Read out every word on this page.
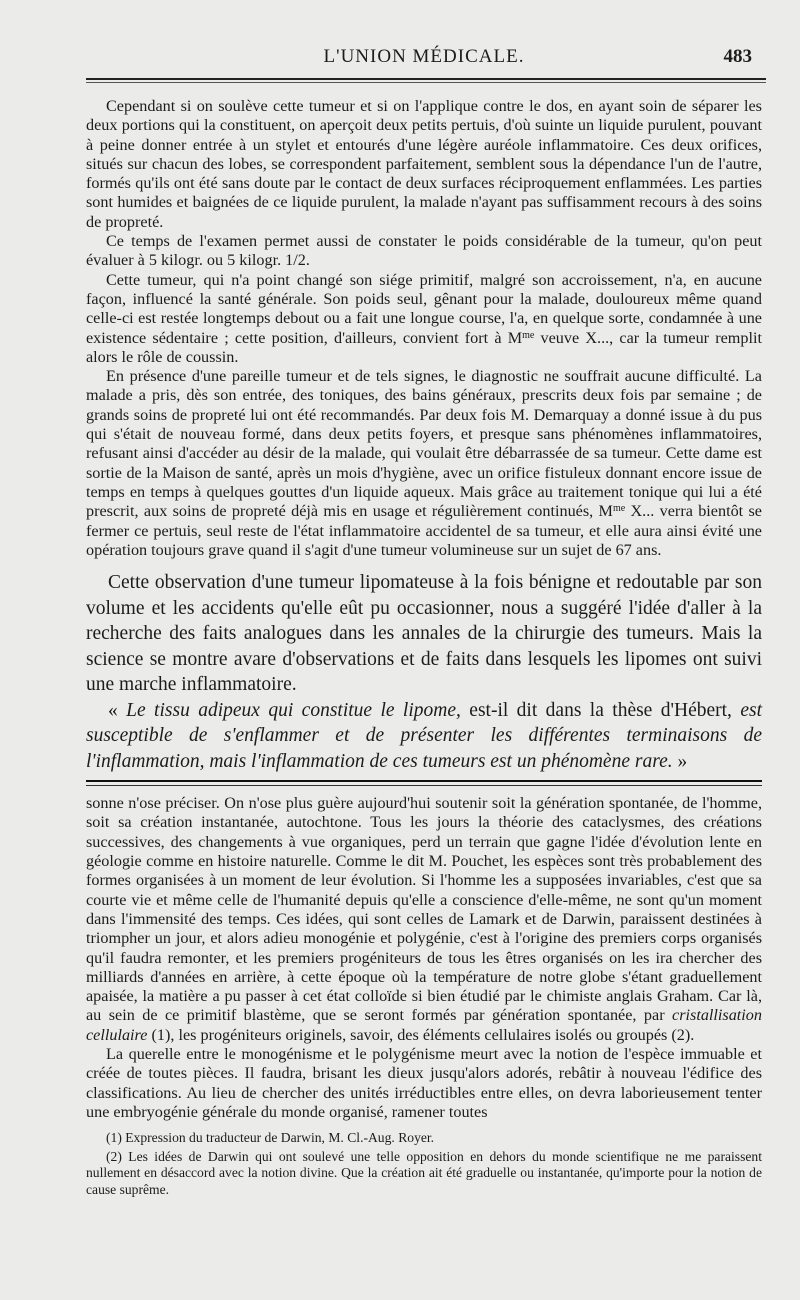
L'UNION MÉDICALE.	483

Cependant si on soulève cette tumeur et si on l'applique contre le dos, en ayant soin de séparer les deux portions qui la constituent, on aperçoit deux petits pertuis, d'où suinte un liquide purulent, pouvant à peine donner entrée à un stylet et entourés d'une légère auréole inflammatoire. Ces deux orifices, situés sur chacun des lobes, se correspondent parfaitement, semblent sous la dépendance l'un de l'autre, formés qu'ils ont été sans doute par le contact de deux surfaces réciproquement enflammées. Les parties sont humides et baignées de ce liquide purulent, la malade n'ayant pas suffisamment recours à des soins de propreté.

Ce temps de l'examen permet aussi de constater le poids considérable de la tumeur, qu'on peut évaluer à 5 kilogr. ou 5 kilogr. 1/2.

Cette tumeur, qui n'a point changé son siége primitif, malgré son accroissement, n'a, en aucune façon, influencé la santé générale. Son poids seul, gênant pour la malade, douloureux même quand celle-ci est restée longtemps debout ou a fait une longue course, l'a, en quelque sorte, condamnée à une existence sédentaire ; cette position, d'ailleurs, convient fort à $M^{me}$ veuve X..., car la tumeur remplit alors le rôle de coussin.

En présence d'une pareille tumeur et de tels signes, le diagnostic ne souffrait aucune difficulté. La malade a pris, dès son entrée, des toniques, des bains généraux, prescrits deux fois par semaine ; de grands soins de propreté lui ont été recommandés. Par deux fois M. Demarquay a donné issue à du pus qui s'était de nouveau formé, dans deux petits foyers, et presque sans phénomènes inflammatoires, refusant ainsi d'accéder au désir de la malade, qui voulait être débarrassée de sa tumeur. Cette dame est sortie de la Maison de santé, après un mois d'hygiène, avec un orifice fistuleux donnant encore issue de temps en temps à quelques gouttes d'un liquide aqueux. Mais grâce au traitement tonique qui lui a été prescrit, aux soins de propreté déjà mis en usage et régulièrement continués, $M^{me}$ X... verra bientôt se fermer ce pertuis, seul reste de l'état inflammatoire accidentel de sa tumeur, et elle aura ainsi évité une opération toujours grave quand il s'agit d'une tumeur volumineuse sur un sujet de 67 ans.

Cette observation d'une tumeur lipomateuse à la fois bénigne et redoutable par son volume et les accidents qu'elle eût pu occasionner, nous a suggéré l'idée d'aller à la recherche des faits analogues dans les annales de la chirurgie des tumeurs. Mais la science se montre avare d'observations et de faits dans lesquels les lipomes ont suivi une marche inflammatoire.

« Le tissu adipeux qui constitue le lipome, est-il dit dans la thèse d'Hébert, est susceptible de s'enflammer et de présenter les différentes terminaisons de l'inflammation, mais l'inflammation de ces tumeurs est un phénomène rare. »

sonne n'ose préciser. On n'ose plus guère aujourd'hui soutenir soit la génération spontanée, de l'homme, soit sa création instantanée, autochtone. Tous les jours la théorie des cataclysmes, des créations successives, des changements à vue organiques, perd un terrain que gagne l'idée d'évolution lente en géologie comme en histoire naturelle. Comme le dit M. Pouchet, les espèces sont très probablement des formes organisées à un moment de leur évolution. Si l'homme les a supposées invariables, c'est que sa courte vie et même celle de l'humanité depuis qu'elle a conscience d'elle-même, ne sont qu'un moment dans l'immensité des temps. Ces idées, qui sont celles de Lamark et de Darwin, paraissent destinées à triompher un jour, et alors adieu monogénie et polygénie, c'est à l'origine des premiers corps organisés qu'il faudra remonter, et les premiers progéniteurs de tous les êtres organisés on les ira chercher des milliards d'années en arrière, à cette époque où la température de notre globe s'étant graduellement apaisée, la matière a pu passer à cet état colloïde si bien étudié par le chimiste anglais Graham. Car là, au sein de ce primitif blastème, que se seront formés par génération spontanée, par cristallisation cellulaire (1), les progéniteurs originels, savoir, des éléments cellulaires isolés ou groupés (2).

La querelle entre le monogénisme et le polygénisme meurt avec la notion de l'espèce immuable et créée de toutes pièces. Il faudra, brisant les dieux jusqu'alors adorés, rebâtir à nouveau l'édifice des classifications. Au lieu de chercher des unités irréductibles entre elles, on devra laborieusement tenter une embryogénie générale du monde organisé, ramener toutes

(1) Expression du traducteur de Darwin, M. Cl.-Aug. Royer.

(2) Les idées de Darwin qui ont soulevé une telle opposition en dehors du monde scientifique ne me paraissent nullement en désaccord avec la notion divine. Que la création ait été graduelle ou instantanée, qu'importe pour la notion de cause suprême.
